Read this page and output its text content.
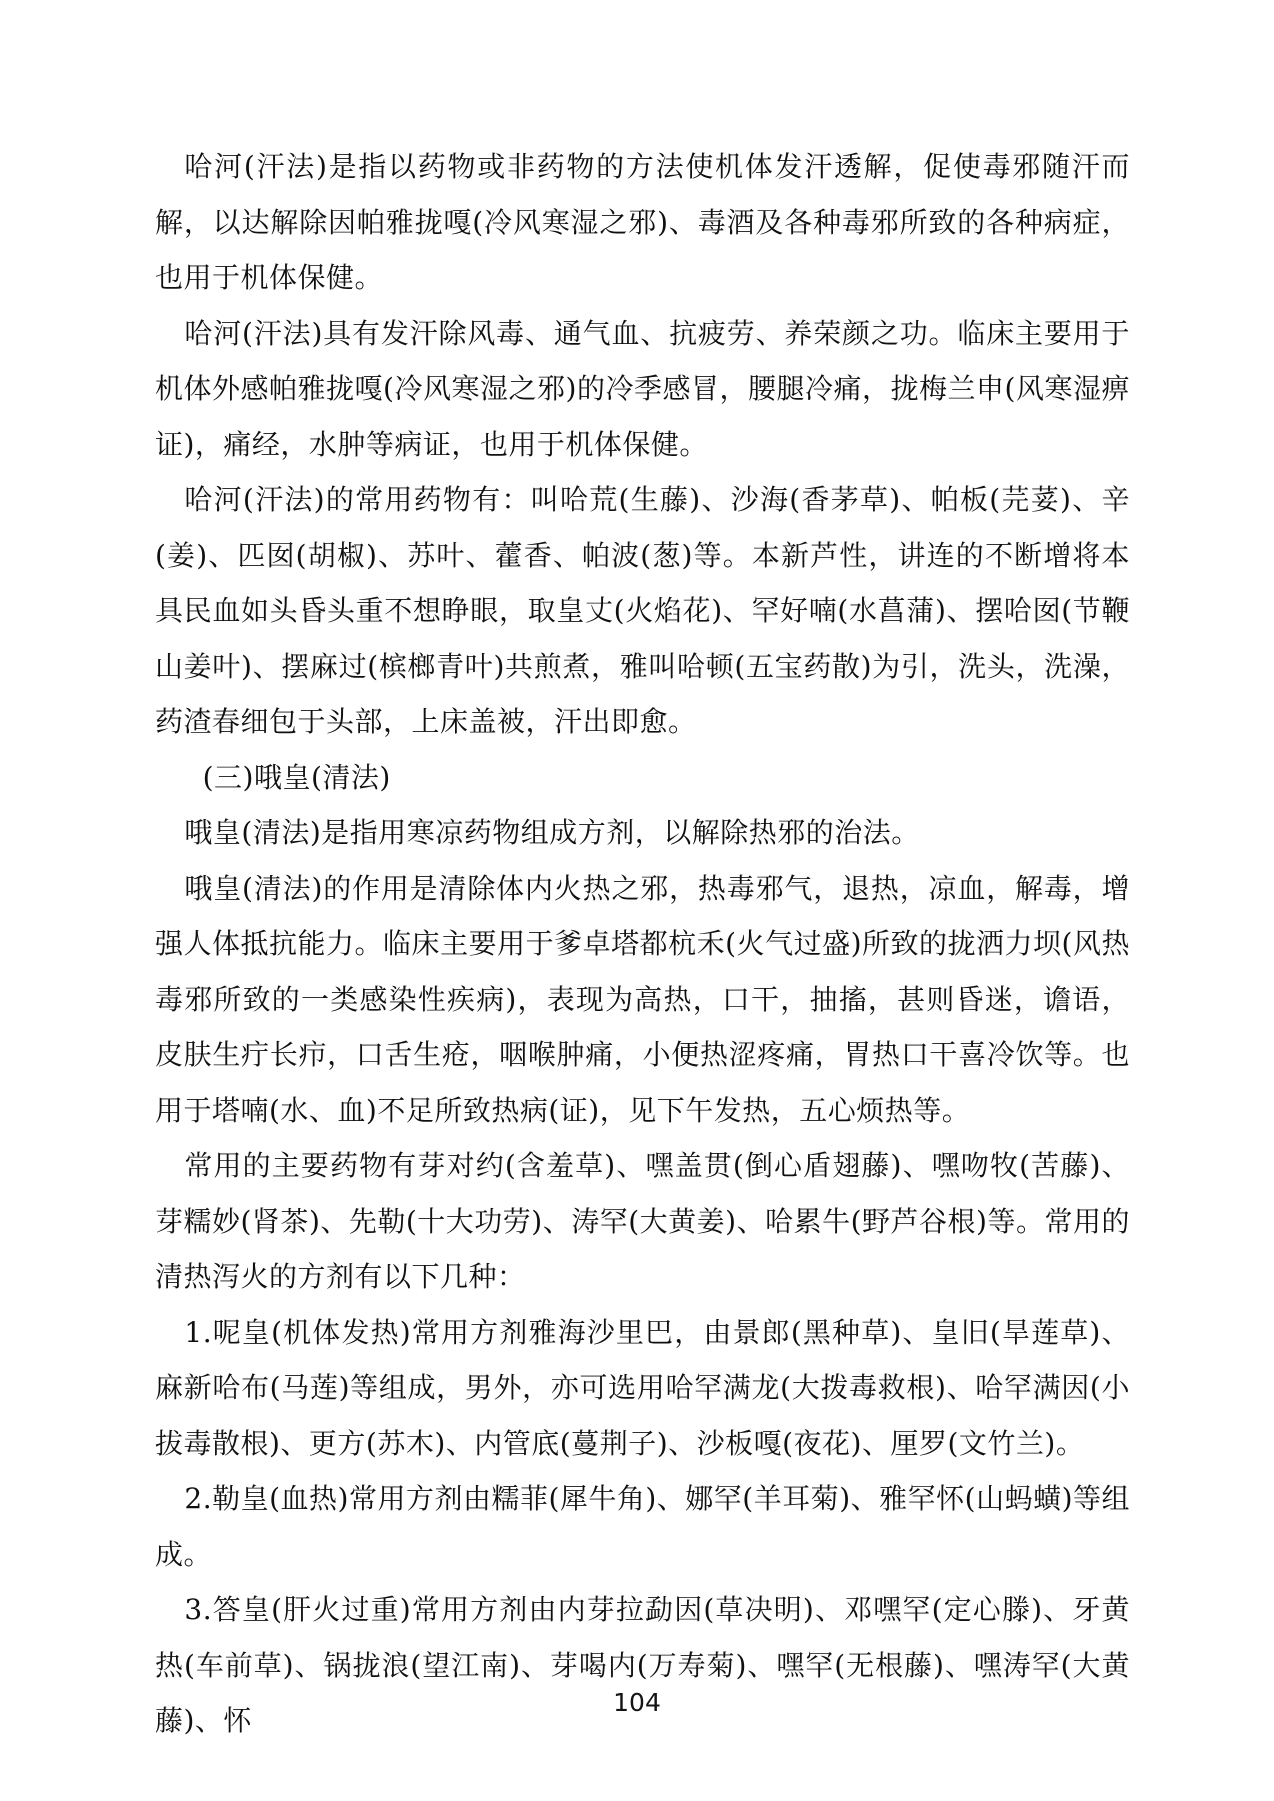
哈河(汗法)是指以药物或非药物的方法使机体发汗透解，促使毒邪随汗而解，以达解除因帕雅拢嘎(冷风寒湿之邪)、毒酒及各种毒邪所致的各种病症，也用于机体保健。

哈河(汗法)具有发汗除风毒、通气血、抗疲劳、养荣颜之功。临床主要用于机体外感帕雅拢嘎(冷风寒湿之邪)的冷季感冒，腰腿冷痛，拢梅兰申(风寒湿痹证)，痛经，水肿等病证，也用于机体保健。

哈河(汗法)的常用药物有：叫哈荒(生藤)、沙海(香茅草)、帕板(芫荽)、辛(姜)、匹囡(胡椒)、苏叶、藿香、帕波(葱)等。本新芦性，讲连的不断增将本具民血如头昏头重不想睁眼，取皇丈(火焰花)、罕好喃(水菖蒲)、摆哈囡(节鞭山姜叶)、摆麻过(槟榔青叶)共煎煮，雅叫哈顿(五宝药散)为引，洗头，洗澡，药渣春细包于头部，上床盖被，汗出即愈。

(三)哦皇(清法)

哦皇(清法)是指用寒凉药物组成方剂，以解除热邪的治法。

哦皇(清法)的作用是清除体内火热之邪，热毒邪气，退热，凉血，解毒，增强人体抵抗能力。临床主要用于爹卓塔都杭禾(火气过盛)所致的拢洒力坝(风热毒邪所致的一类感染性疾病)，表现为高热，口干，抽搐，甚则昏迷，谵语，皮肤生疔长疖，口舌生疮，咽喉肿痛，小便热涩疼痛，胃热口干喜冷饮等。也用于塔喃(水、血)不足所致热病(证)，见下午发热，五心烦热等。

常用的主要药物有芽对约(含羞草)、嘿盖贯(倒心盾翅藤)、嘿吻牧(苦藤)、芽糯妙(肾茶)、先勒(十大功劳)、涛罕(大黄姜)、哈累牛(野芦谷根)等。常用的清热泻火的方剂有以下几种：

1.呢皇(机体发热)常用方剂雅海沙里巴，由景郎(黑种草)、皇旧(旱莲草)、麻新哈布(马莲)等组成，男外，亦可选用哈罕满龙(大拨毒救根)、哈罕满因(小拔毒散根)、更方(苏木)、内管底(蔓荆子)、沙板嘎(夜花)、厘罗(文竹兰)。

2.勒皇(血热)常用方剂由糯菲(犀牛角)、娜罕(羊耳菊)、雅罕怀(山蚂蟥)等组成。

3.答皇(肝火过重)常用方剂由内芽拉勐因(草决明)、邓嘿罕(定心滕)、牙黄热(车前草)、锅拢浪(望江南)、芽喝内(万寿菊)、嘿罕(无根藤)、嘿涛罕(大黄藤)、怀

104
